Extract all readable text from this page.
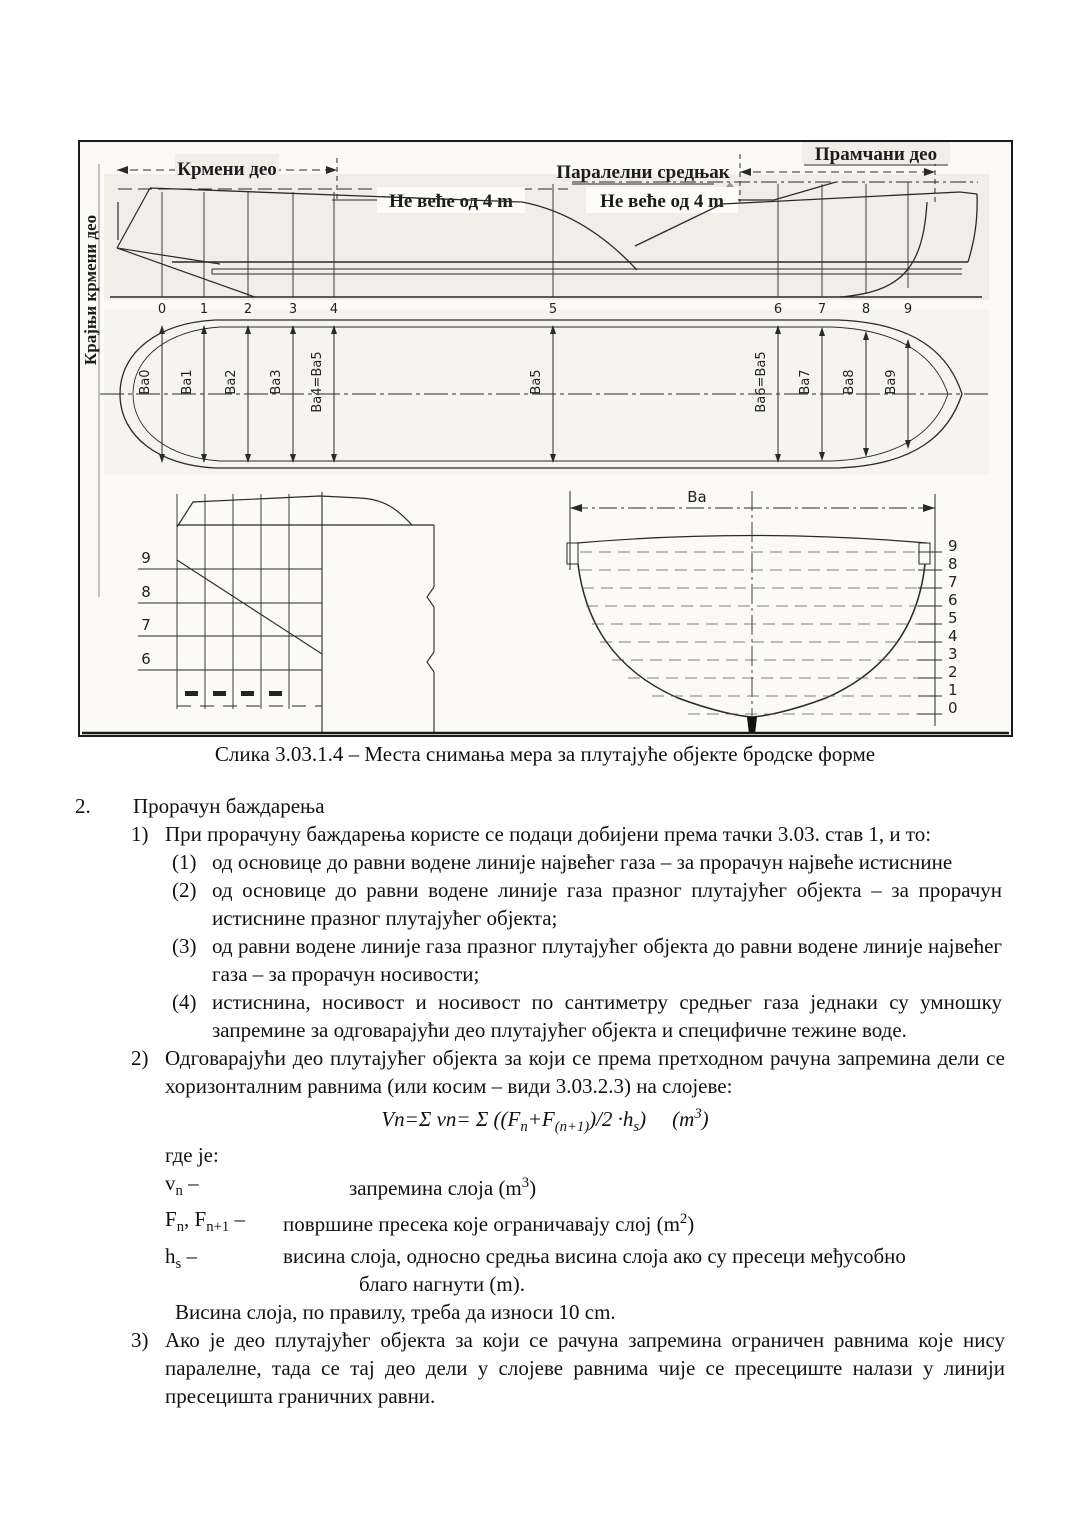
Крмени део	Паралелни средњак
Прамчани део
Не веће од 4 m	Не веће од 4 m
0	1	2	3	4	5	6	7	8	9
Крајњи крмени део
Ва0 Ва1 Ва2 Ва3 Ва4=Ва5	Ва5	Ва6=Ва5 Ва7 Ва8 Ва9
9
8
7
6
Ва
9
8
7
6
5
4
3
2
1
0
Слика 3.03.1.4 – Места снимања мера за плутајуће објекте бродске форме
2. Прорачун баждарења
1) При прорачуну баждарења користе се подаци добијени према тачки 3.03. став 1, и то:
(1) од основице до равни водене линије највећег газа – за прорачун највеће истиснине
(2) од основице до равни водене линије газа празног плутајућег објекта – за прорачун истиснине празног плутајућег објекта;
(3) од равни водене линије газа празног плутајућег објекта до равни водене линије највећег газа – за прорачун носивости;
(4) истиснина, носивост и носивост по сантиметру средњег газа једнаки су умношку запремине за одговарајући део плутајућег објекта и специфичне тежине воде.
2) Одговарајући део плутајућег објекта за који се према претходном рачуна запремина дели се хоризонталним равнима (или косим – види 3.03.2.3) на слојеве:
Vn=Σ vn= Σ $((F_n+F_{(n+1)})/2 \cdot h_s)$ $(m^3)$
где је:
$v_n$ –	запремина слоја $(m^3)$
$F_n$, $F_{n+1}$ –	површине пресека које ограничавају слој $(m^2)$
$h_s$ –	висина слоја, односно средња висина слоја ако су пресеци међусобно
благо нагнути (m).
Висина слоја, по правилу, треба да износи 10 cm.
3) Ако је део плутајућег објекта за који се рачуна запремина ограничен равнима које нису паралелне, тада се тај део дели у слојеве равнима чије се пресециште налази у линији пресецишта граничних равни.
